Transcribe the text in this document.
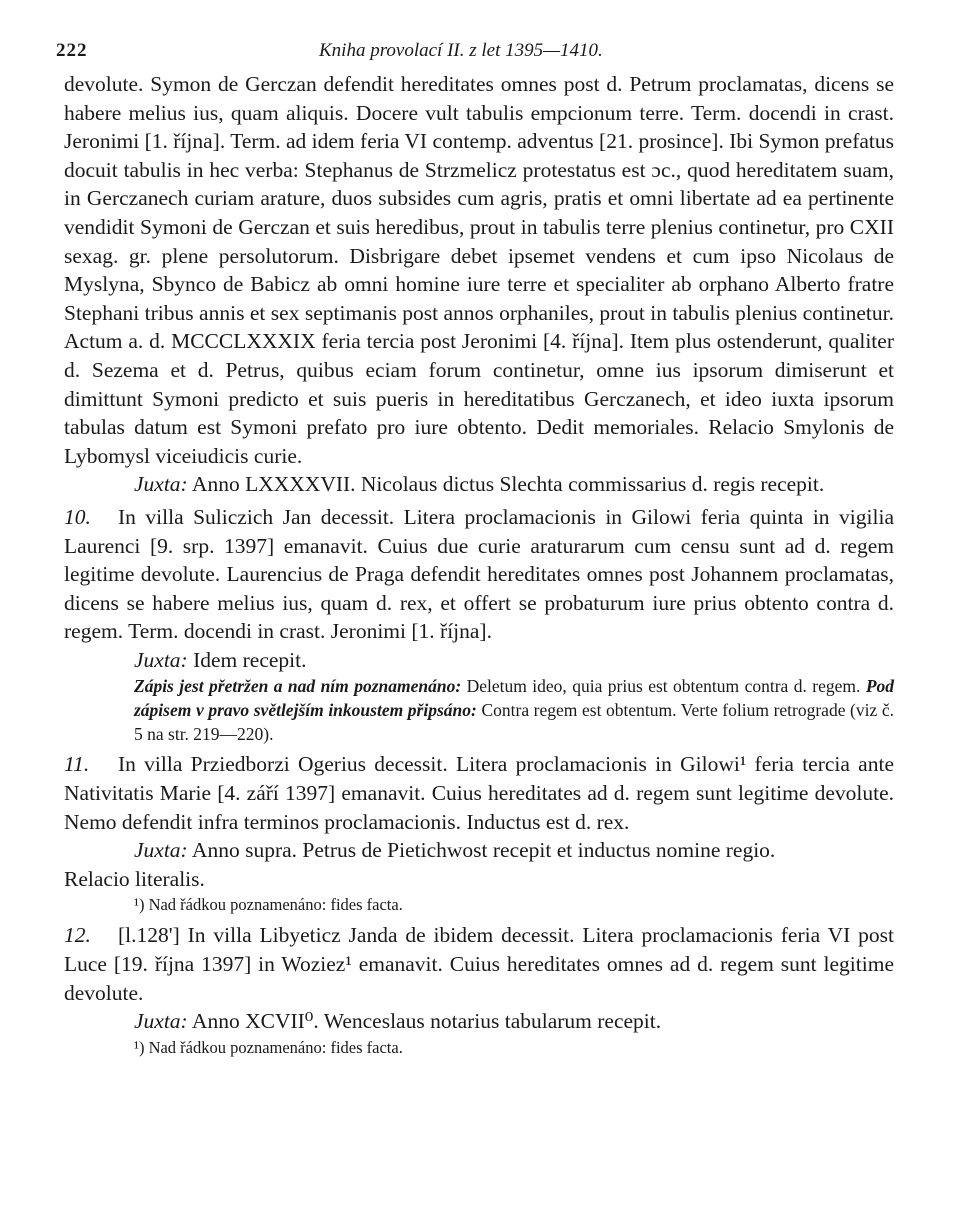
222	Kniha provolací II. z let 1395—1410.

devolute. Symon de Gerczan defendit hereditates omnes post d. Petrum proclamatas, dicens se habere melius ius, quam aliquis. Docere vult tabulis empcionum terre. Term. docendi in crast. Jeronimi [1. října]. Term. ad idem feria VI contemp. adventus [21. prosince]. Ibi Symon prefatus docuit tabulis in hec verba: Stephanus de Strzmelicz protestatus est ɔc., quod hereditatem suam, in Gerczanech curiam arature, duos subsides cum agris, pratis et omni libertate ad ea pertinente vendidit Symoni de Gerczan et suis heredibus, prout in tabulis terre plenius continetur, pro CXII sexag. gr. plene persolutorum. Disbrigare debet ipsemet vendens et cum ipso Nicolaus de Myslyna, Sbynco de Babicz ab omni homine iure terre et specialiter ab orphano Alberto fratre Stephani tribus annis et sex septimanis post annos orphaniles, prout in tabulis plenius continetur. Actum a. d. MCCCLXXXIX feria tercia post Jeronimi [4. října]. Item plus ostenderunt, qualiter d. Sezema et d. Petrus, quibus eciam forum continetur, omne ius ipsorum dimiserunt et dimittunt Symoni predicto et suis pueris in hereditatibus Gerczanech, et ideo iuxta ipsorum tabulas datum est Symoni prefato pro iure obtento. Dedit memoriales. Relacio Smylonis de Lybomysl viceiudicis curie.

Juxta: Anno LXXXXVII. Nicolaus dictus Slechta commissarius d. regis recepit.

10. In villa Suliczich Jan decessit. Litera proclamacionis in Gilowi feria quinta in vigilia Laurenci [9. srp. 1397] emanavit. Cuius due curie araturarum cum censu sunt ad d. regem legitime devolute. Laurencius de Praga defendit hereditates omnes post Johannem proclamatas, dicens se habere melius ius, quam d. rex, et offert se probaturum iure prius obtento contra d. regem. Term. docendi in crast. Jeronimi [1. října].

Juxta: Idem recepit.

Zápis jest přetržen a nad ním poznamenáno: Deletum ideo, quia prius est obtentum contra d. regem. Pod zápisem v pravo světlejším inkoustem připsáno: Contra regem est obtentum. Verte folium retrograde (viz č. 5 na str. 219—220).

11. In villa Prziedborzi Ogerius decessit. Litera proclamacionis in Gilowi¹ feria tercia ante Nativitatis Marie [4. září 1397] emanavit. Cuius hereditates ad d. regem sunt legitime devolute. Nemo defendit infra terminos proclamacionis. Inductus est d. rex.

Juxta: Anno supra. Petrus de Pietichwost recepit et inductus nomine regio.

Relacio literalis.

¹) Nad řádkou poznamenáno: fides facta.

12. [l.128'] In villa Libyeticz Janda de ibidem decessit. Litera proclamacionis feria VI post Luce [19. října 1397] in Woziez¹ emanavit. Cuius hereditates omnes ad d. regem sunt legitime devolute.

Juxta: Anno XCVII⁰. Wenceslaus notarius tabularum recepit.

¹) Nad řádkou poznamenáno: fides facta.
